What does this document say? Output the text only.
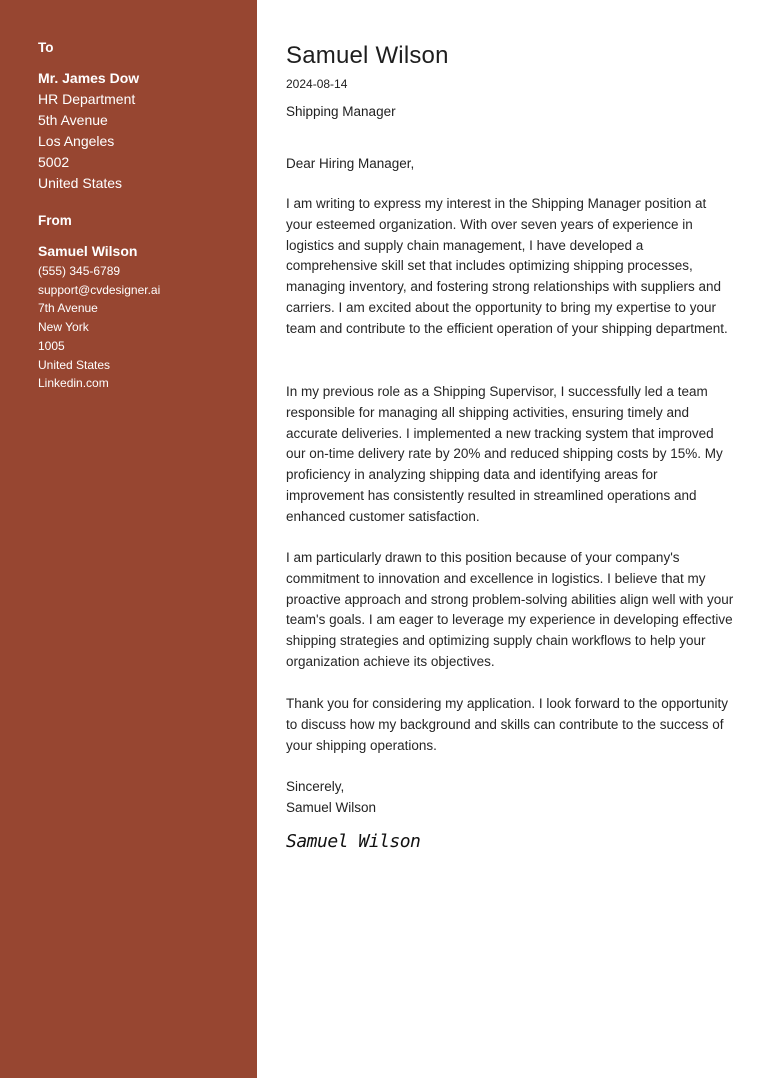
To

Mr. James Dow

HR Department
5th Avenue
Los Angeles
5002
United States

From

Samuel Wilson

(555) 345-6789
support@cvdesigner.ai
7th Avenue
New York
1005
United States
Linkedin.com
Samuel Wilson
2024-08-14
Shipping Manager

Dear Hiring Manager,

I am writing to express my interest in the Shipping Manager position at your esteemed organization. With over seven years of experience in logistics and supply chain management, I have developed a comprehensive skill set that includes optimizing shipping processes, managing inventory, and fostering strong relationships with suppliers and carriers. I am excited about the opportunity to bring my expertise to your team and contribute to the efficient operation of your shipping department.

In my previous role as a Shipping Supervisor, I successfully led a team responsible for managing all shipping activities, ensuring timely and accurate deliveries. I implemented a new tracking system that improved our on-time delivery rate by 20% and reduced shipping costs by 15%. My proficiency in analyzing shipping data and identifying areas for improvement has consistently resulted in streamlined operations and enhanced customer satisfaction.

I am particularly drawn to this position because of your company's commitment to innovation and excellence in logistics. I believe that my proactive approach and strong problem-solving abilities align well with your team's goals. I am eager to leverage my experience in developing effective shipping strategies and optimizing supply chain workflows to help your organization achieve its objectives.

Thank you for considering my application. I look forward to the opportunity to discuss how my background and skills can contribute to the success of your shipping operations.

Sincerely,
Samuel Wilson
Samuel Wilson
